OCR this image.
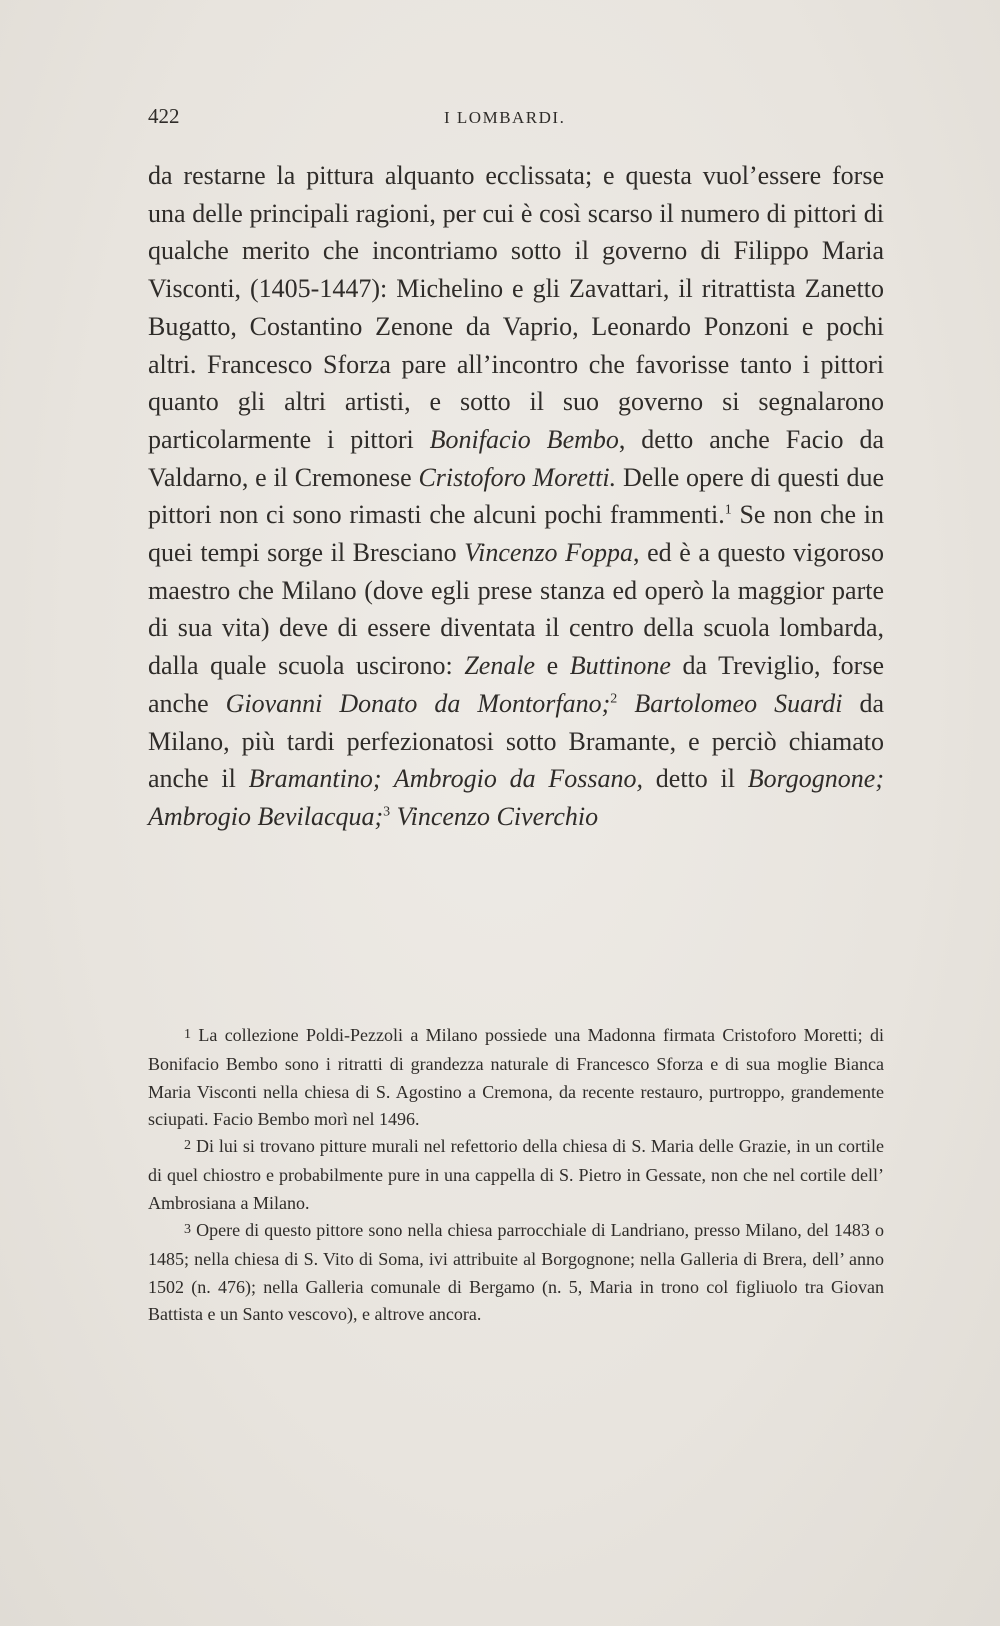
422	I LOMBARDI.

da restarne la pittura alquanto ecclissata; e questa vuol’essere forse una delle principali ragioni, per cui è così scarso il numero di pittori di qualche merito che incontriamo sotto il governo di Filippo Maria Visconti, (1405-1447): Michelino e gli Zavattari, il ritrattista Zanetto Bugatto, Costantino Zenone da Vaprio, Leonardo Ponzoni e pochi altri. Francesco Sforza pare all’incontro che favorisse tanto i pittori quanto gli altri artisti, e sotto il suo governo si segnalarono particolarmente i pittori Bonifacio Bembo, detto anche Facio da Valdarno, e il Cremonese Cristoforo Moretti. Delle opere di questi due pittori non ci sono rimasti che alcuni pochi frammenti.$^1$ Se non che in quei tempi sorge il Bresciano Vincenzo Foppa, ed è a questo vigoroso maestro che Milano (dove egli prese stanza ed operò la maggior parte di sua vita) deve di essere diventata il centro della scuola lombarda, dalla quale scuola uscirono: Zenale e Buttinone da Treviglio, forse anche Giovanni Donato da Montorfano;$^2$ Bartolomeo Suardi da Milano, più tardi perfezionatosi sotto Bramante, e perciò chiamato anche il Bramantino; Ambrogio da Fossano, detto il Borgognone; Ambrogio Bevilacqua;$^3$ Vincenzo Civerchio

1 La collezione Poldi-Pezzoli a Milano possiede una Madonna firmata Cristoforo Moretti; di Bonifacio Bembo sono i ritratti di grandezza naturale di Francesco Sforza e di sua moglie Bianca Maria Visconti nella chiesa di S. Agostino a Cremona, da recente restauro, purtroppo, grandemente sciupati. Facio Bembo morì nel 1496.

2 Di lui si trovano pitture murali nel refettorio della chiesa di S. Maria delle Grazie, in un cortile di quel chiostro e probabilmente pure in una cappella di S. Pietro in Gessate, non che nel cortile dell’ Ambrosiana a Milano.

3 Opere di questo pittore sono nella chiesa parrocchiale di Landriano, presso Milano, del 1483 o 1485; nella chiesa di S. Vito di Soma, ivi attribuite al Borgognone; nella Galleria di Brera, dell’ anno 1502 (n. 476); nella Galleria comunale di Bergamo (n. 5, Maria in trono col figliuolo tra Giovan Battista e un Santo vescovo), e altrove ancora.
